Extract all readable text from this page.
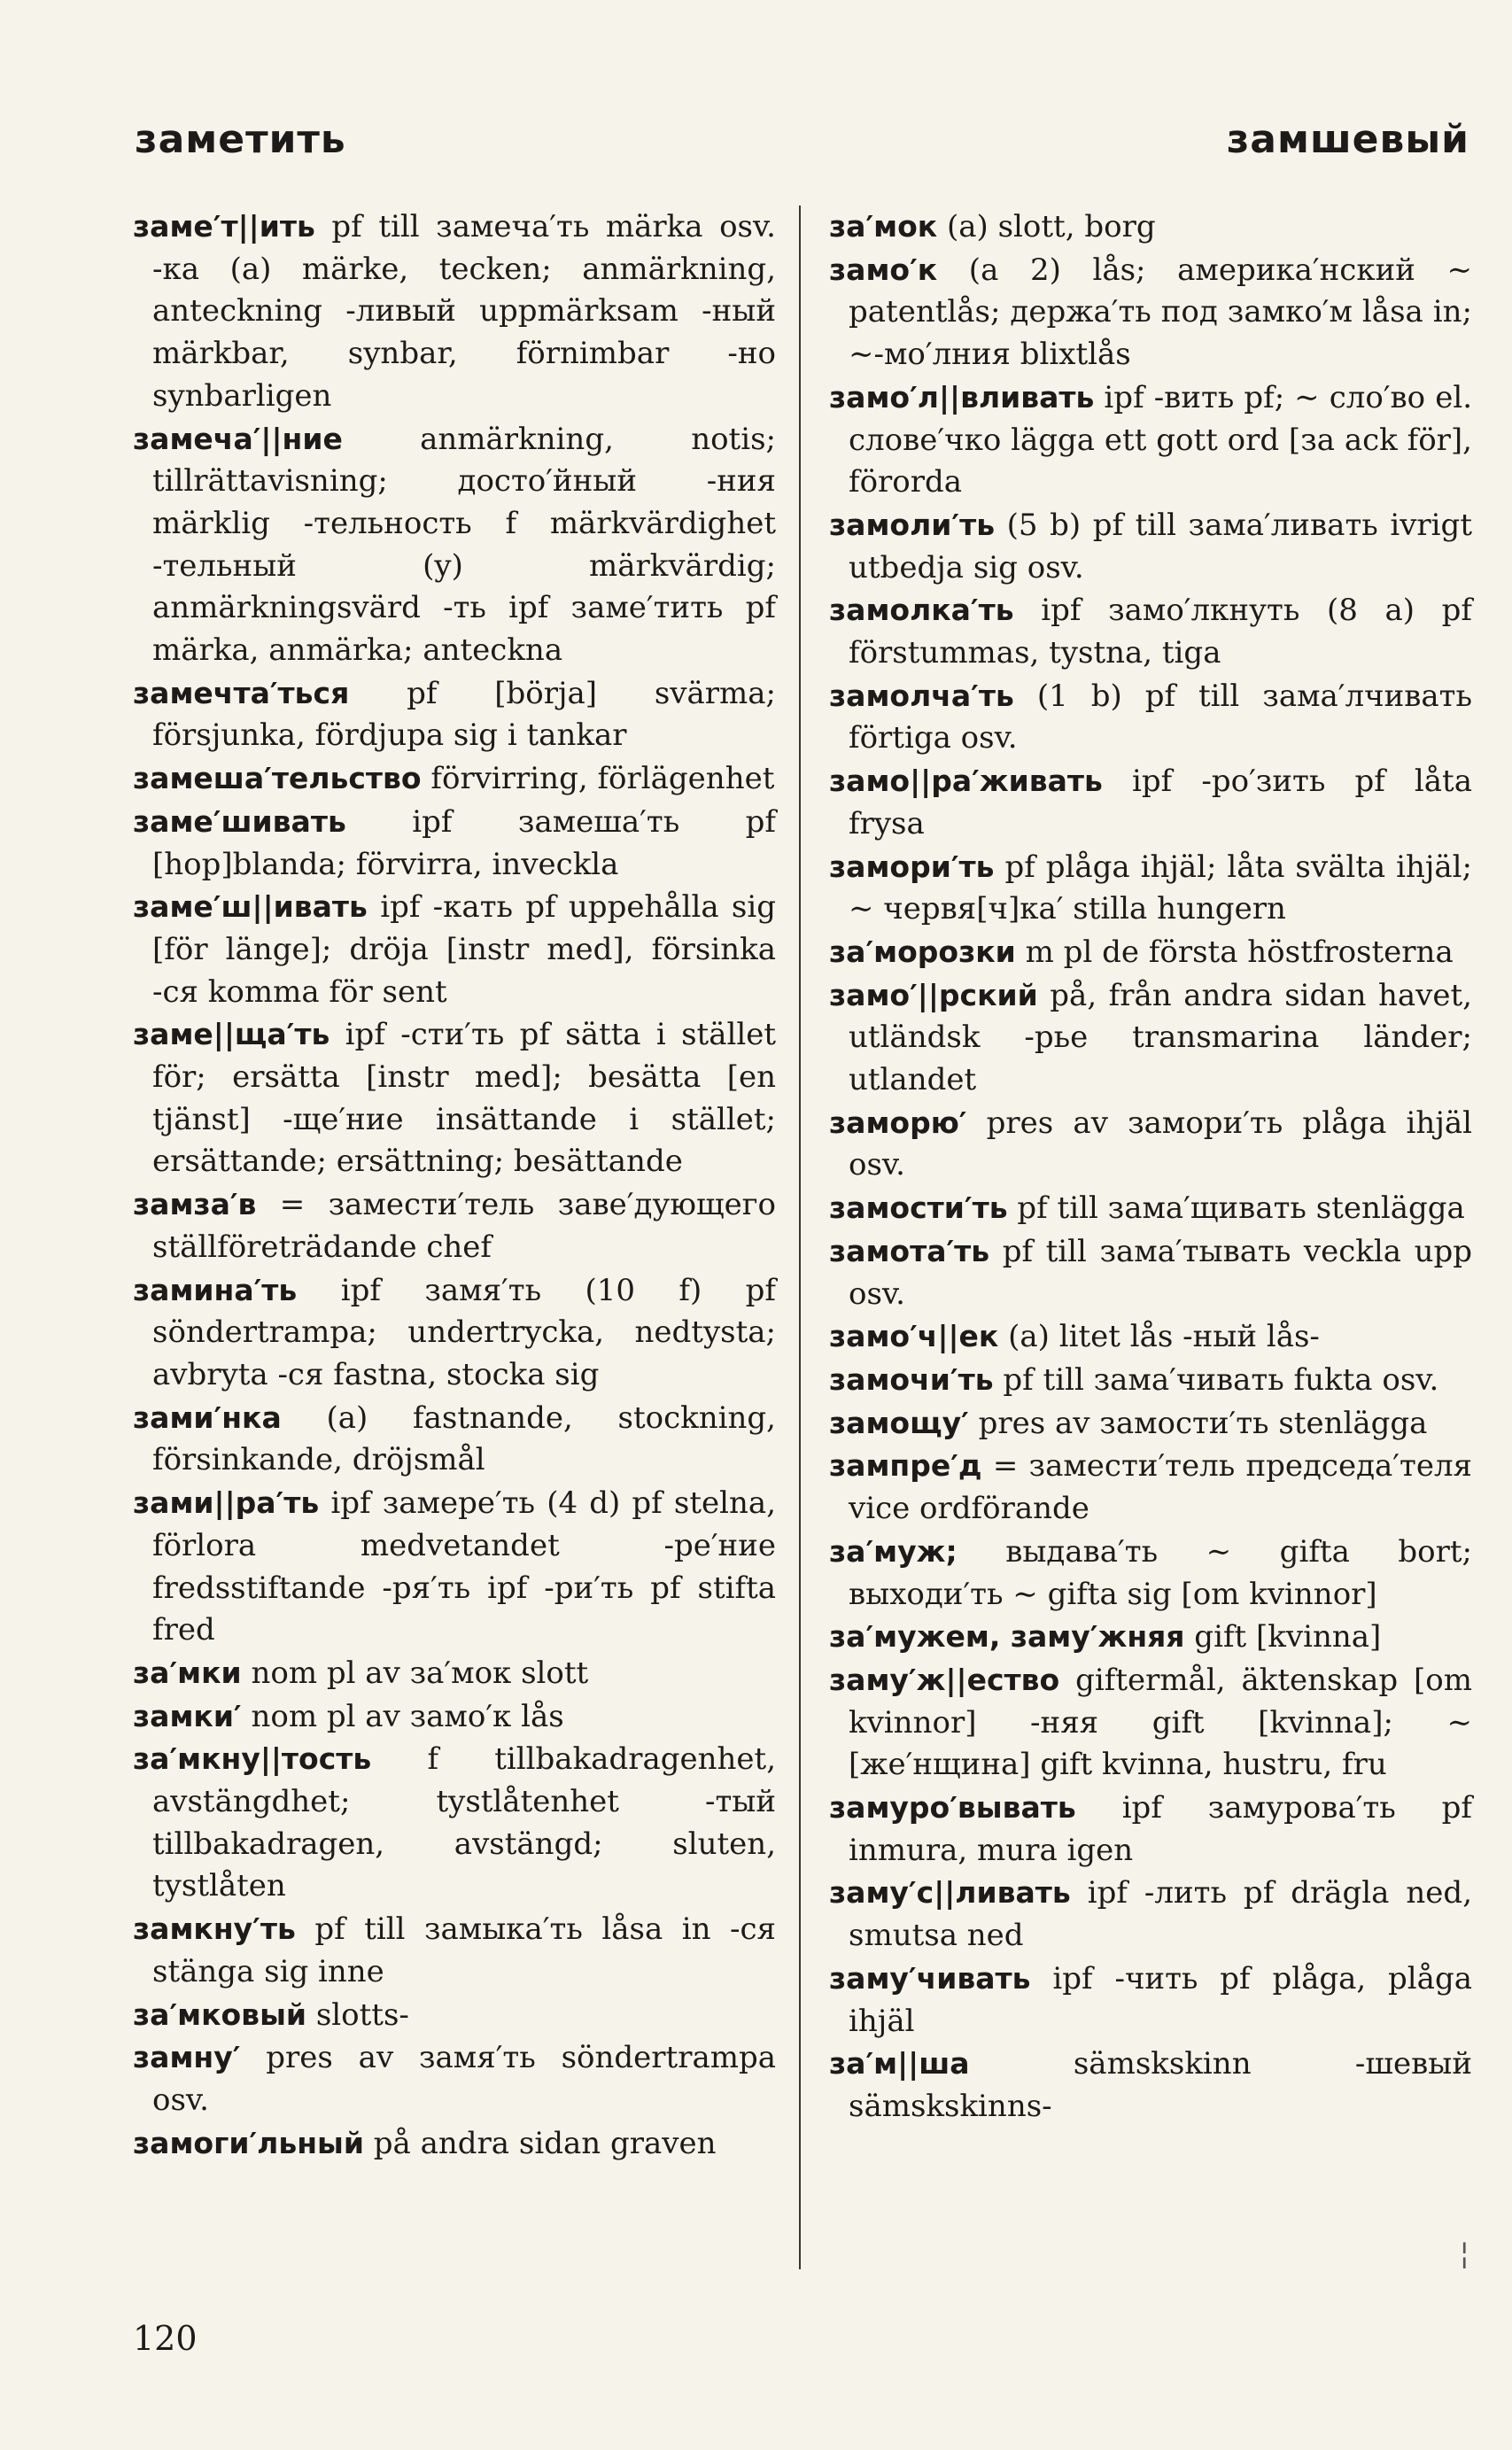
заметить	замшевый

заме′т||ить pf till замеча′ть märka osv. -ка (a) märke, tecken; anmärkning, anteckning -ливый uppmärksam -ный märkbar, synbar, förnimbar -но synbarligen

замеча′||ние anmärkning, notis; tillrättavisning; досто′йный -ния märklig -тельность f märkvärdighet -тельный (y) märkvärdig; anmärkningsvärd -ть ipf заме′тить pf märka, anmärka; anteckna

замечта′ться pf [börja] svärma; försjunka, fördjupa sig i tankar

замеша′тельство förvirring, förlägenhet

заме′шивать ipf замеша′ть pf [hop]blanda; förvirra, inveckla

заме′ш||ивать ipf -кать pf uppehålla sig [för länge]; dröja [instr med], försinka -ся komma för sent

заме||ща′ть ipf -сти′ть pf sätta i stället för; ersätta [instr med]; besätta [en tjänst] -ще′ние insättande i stället; ersättande; ersättning; besättande

замза′в = замести′тель заве′дующего ställföreträdande chef

замина′ть ipf замя′ть (10 f) pf söndertrampa; undertrycka, nedtysta; avbryta -ся fastna, stocka sig

зами′нка (a) fastnande, stockning, försinkande, dröjsmål

зами||ра′ть ipf замере′ть (4 d) pf stelna, förlora medvetandet -ре′ние fredsstiftande -ря′ть ipf -ри′ть pf stifta fred

за′мки nom pl av за′мок slott

замки′ nom pl av замо′к lås

за′мкну||тость f tillbakadragenhet, avstängdhet; tystlåtenhet -тый tillbakadragen, avstängd; sluten, tystlåten

замкну′ть pf till замыка′ть låsa in -ся stänga sig inne

за′мковый slotts-

замну′ pres av замя′ть söndertrampa osv.

замоги′льный på andra sidan graven

за′мок (a) slott, borg

замо′к (a 2) lås; америка′нский ∼ patentlås; держа′ть под замко′м låsa in; ∼-мо′лния blixtlås

замо′л||вливать ipf -вить pf; ∼ сло′во el. слове′чко lägga ett gott ord [за ack för], förorda

замоли′ть (5 b) pf till зама′ливать ivrigt utbedja sig osv.

замолка′ть ipf замо′лкнуть (8 a) pf förstummas, tystna, tiga

замолча′ть (1 b) pf till зама′лчивать förtiga osv.

замо||ра′живать ipf -ро′зить pf låta frysa

замори′ть pf plåga ihjäl; låta svälta ihjäl; ∼ червя[ч]ка′ stilla hungern

за′морозки m pl de första höstfrosterna

замо′||рский på, från andra sidan havet, utländsk -рье transmarina länder; utlandet

заморю′ pres av замори′ть plåga ihjäl osv.

замости′ть pf till зама′щивать stenlägga

замота′ть pf till зама′тывать veckla upp osv.

замо′ч||ек (a) litet lås -ный lås-

замочи′ть pf till зама′чивать fukta osv.

замощу′ pres av замости′ть stenlägga

зампре′д = замести′тель председа′теля vice ordförande

за′муж; выдава′ть ∼ gifta bort; выходи′ть ∼ gifta sig [om kvinnor]

за′мужем, заму′жняя gift [kvinna]

заму′ж||ество giftermål, äktenskap [om kvinnor] -няя gift [kvinna]; ∼ [же′нщина] gift kvinna, hustru, fru

замуро′вывать ipf замурова′ть pf inmura, mura igen

заму′с||ливать ipf -лить pf drägla ned, smutsa ned

заму′чивать ipf -чить pf plåga, plåga ihjäl

за′м||ша sämskskinn -шевый sämskskinns-

¦
120
